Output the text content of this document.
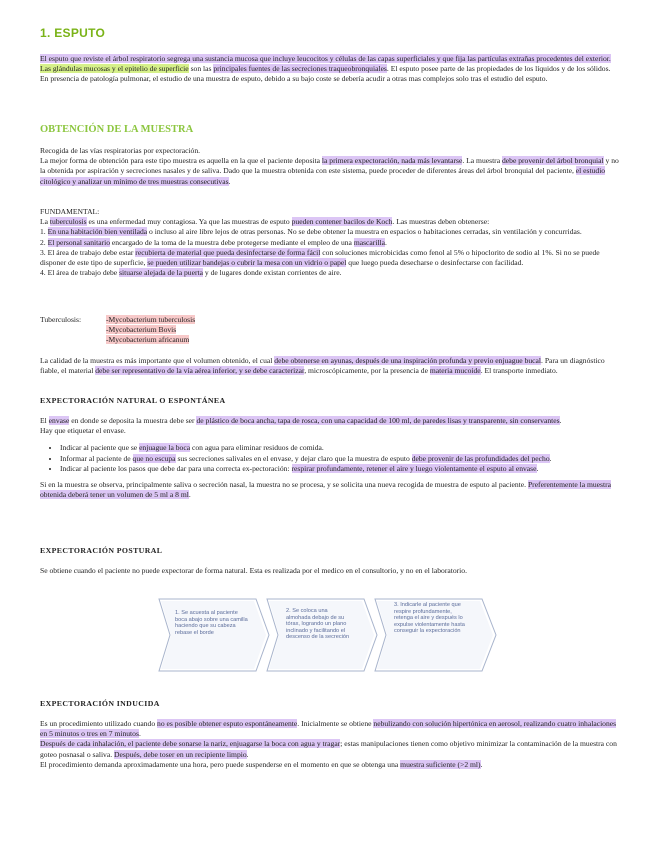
1. ESPUTO
El esputo que reviste el árbol respiratorio segrega una sustancia mucosa que incluye leucocitos y células de las capas superficiales y que fija las partículas extrañas procedentes del exterior.
Las glándulas mucosas y el epitelio de superficie son las principales fuentes de las secreciones traqueobronquiales. El esputo posee parte de las propiedades de los líquidos y de los sólidos.
En presencia de patología pulmonar, el estudio de una muestra de esputo, debido a su bajo coste se debería acudir a otras mas complejos solo tras el estudio del esputo.
OBTENCIÓN DE LA MUESTRA
Recogida de las vías respiratorias por expectoración.
La mejor forma de obtención para este tipo muestra es aquella en la que el paciente deposita la primera expectoración, nada más levantarse. La muestra debe provenir del árbol bronquial y no la obtenida por aspiración y secreciones nasales y de saliva. Dado que la muestra obtenida con este sistema, puede proceder de diferentes áreas del árbol bronquial del paciente, el estudio citológico y analizar un mínimo de tres muestras consecutivas.
FUNDAMENTAL:
La tuberculosis es una enfermedad muy contagiosa. Ya que las muestras de esputo pueden contener bacilos de Koch. Las muestras deben obtenerse:
1. En una habitación bien ventilada o incluso al aire libre lejos de otras personas. No se debe obtener la muestra en espacios o habitaciones cerradas, sin ventilación y concurridas.
2. El personal sanitario encargado de la toma de la muestra debe protegerse mediante el empleo de una mascarilla.
3. El área de trabajo debe estar recubierta de material que pueda desinfectarse de forma fácil con soluciones microbicidas como fenol al 5% o hipoclorito de sodio al 1%. Si no se puede disponer de este tipo de superficie, se pueden utilizar bandejas o cubrir la mesa con un vidrio o papel que luego pueda desecharse o desinfectarse con facilidad.
4. El área de trabajo debe situarse alejada de la puerta y de lugares donde existan corrientes de aire.
Tuberculosis:	-Mycobacterium tuberculosis
-Mycobacterium Bovis
-Mycobacterium africanum
La calidad de la muestra es más importante que el volumen obtenido, el cual debe obtenerse en ayunas, después de una inspiración profunda y previo enjuague bucal. Para un diagnóstico fiable, el material debe ser representativo de la vía aérea inferior, y se debe caracterizar, microscópicamente, por la presencia de materia mucoide. El transporte inmediato.
EXPECTORACIÓN NATURAL O ESPONTÁNEA
El envase en donde se deposita la muestra debe ser de plástico de boca ancha, tapa de rosca, con una capacidad de 100 ml, de paredes lisas y transparente, sin conservantes.
Hay que etiquetar el envase.
• Indicar al paciente que se enjuague la boca con agua para eliminar residuos de comida.
• Informar al paciente de que no escupa sus secreciones salivales en el envase, y dejar claro que la muestra de esputo debe provenir de las profundidades del pecho.
• Indicar al paciente los pasos que debe dar para una correcta ex-pectoración: respirar profundamente, retener el aire y luego violentamente el esputo al envase.
Si en la muestra se observa, principalmente saliva o secreción nasal, la muestra no se procesa, y se solicita una nueva recogida de muestra de esputo al paciente. Preferentemente la muestra obtenida deberá tener un volumen de 5 ml a 8 ml.
EXPECTORACIÓN POSTURAL
Se obtiene cuando el paciente no puede expectorar de forma natural. Esta es realizada por el medico en el consultorio, y no en el laboratorio.
1. Se acuesta al paciente boca abajo sobre una camilla haciendo que su cabeza rebase el borde
2. Se coloca una almohada debajo de su tórax, logrando un plano inclinado y facilitando el descenso de la secreción
3. Indicarle al paciente que respire profundamente, retenga el aire y después lo expulse violentamente hasta conseguir la expectoración
EXPECTORACIÓN INDUCIDA
Es un procedimiento utilizado cuando no es posible obtener esputo espontáneamente. Inicialmente se obtiene nebulizando con solución hipertónica en aerosol, realizando cuatro inhalaciones en 5 minutos o tres en 7 minutos.
Después de cada inhalación, el paciente debe sonarse la nariz, enjuagarse la boca con agua y tragar; estas manipulaciones tienen como objetivo minimizar la contaminación de la muestra con goteo posnasal o saliva. Después, debe toser en un recipiente limpio.
El procedimiento demanda aproximadamente una hora, pero puede suspenderse en el momento en que se obtenga una muestra suficiente (>2 ml).
